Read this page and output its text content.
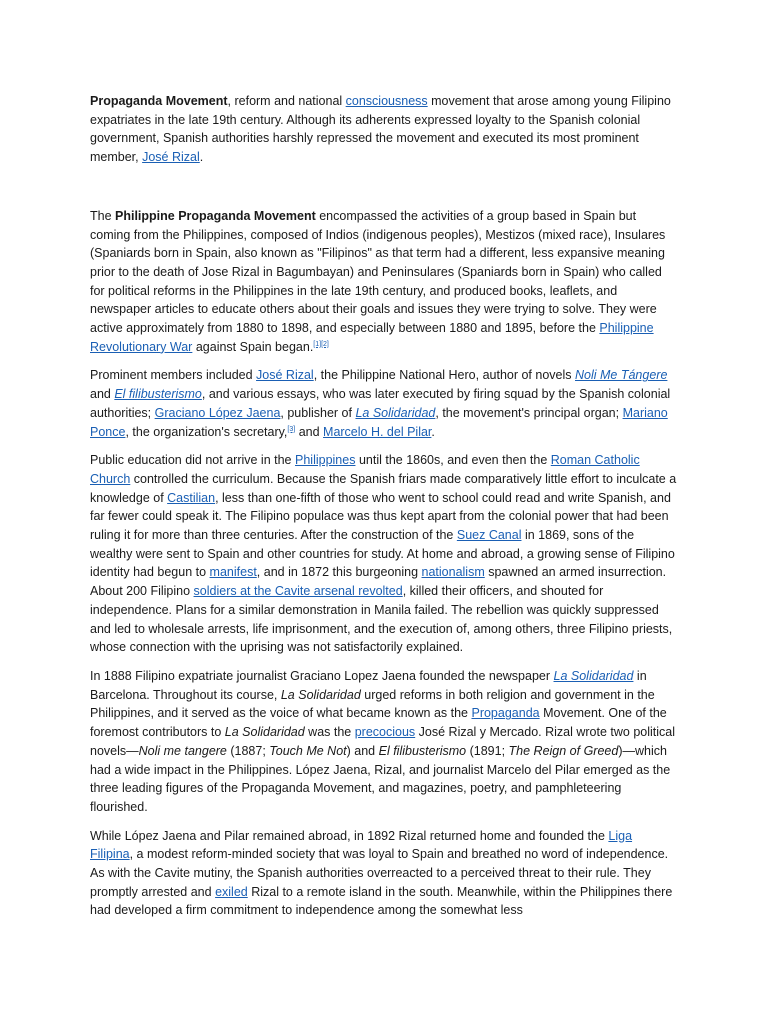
Propaganda Movement, reform and national consciousness movement that arose among young Filipino expatriates in the late 19th century. Although its adherents expressed loyalty to the Spanish colonial government, Spanish authorities harshly repressed the movement and executed its most prominent member, José Rizal.

The Philippine Propaganda Movement encompassed the activities of a group based in Spain but coming from the Philippines, composed of Indios (indigenous peoples), Mestizos (mixed race), Insulares (Spaniards born in Spain, also known as "Filipinos" as that term had a different, less expansive meaning prior to the death of Jose Rizal in Bagumbayan) and Peninsulares (Spaniards born in Spain) who called for political reforms in the Philippines in the late 19th century, and produced books, leaflets, and newspaper articles to educate others about their goals and issues they were trying to solve. They were active approximately from 1880 to 1898, and especially between 1880 and 1895, before the Philippine Revolutionary War against Spain began.[1][2]

Prominent members included José Rizal, the Philippine National Hero, author of novels Noli Me Tángere and El filibusterismo, and various essays, who was later executed by firing squad by the Spanish colonial authorities; Graciano López Jaena, publisher of La Solidaridad, the movement's principal organ; Mariano Ponce, the organization's secretary,[3] and Marcelo H. del Pilar.

Public education did not arrive in the Philippines until the 1860s, and even then the Roman Catholic Church controlled the curriculum. Because the Spanish friars made comparatively little effort to inculcate a knowledge of Castilian, less than one-fifth of those who went to school could read and write Spanish, and far fewer could speak it. The Filipino populace was thus kept apart from the colonial power that had been ruling it for more than three centuries. After the construction of the Suez Canal in 1869, sons of the wealthy were sent to Spain and other countries for study. At home and abroad, a growing sense of Filipino identity had begun to manifest, and in 1872 this burgeoning nationalism spawned an armed insurrection. About 200 Filipino soldiers at the Cavite arsenal revolted, killed their officers, and shouted for independence. Plans for a similar demonstration in Manila failed. The rebellion was quickly suppressed and led to wholesale arrests, life imprisonment, and the execution of, among others, three Filipino priests, whose connection with the uprising was not satisfactorily explained.

In 1888 Filipino expatriate journalist Graciano Lopez Jaena founded the newspaper La Solidaridad in Barcelona. Throughout its course, La Solidaridad urged reforms in both religion and government in the Philippines, and it served as the voice of what became known as the Propaganda Movement. One of the foremost contributors to La Solidaridad was the precocious José Rizal y Mercado. Rizal wrote two political novels—Noli me tangere (1887; Touch Me Not) and El filibusterismo (1891; The Reign of Greed)—which had a wide impact in the Philippines. López Jaena, Rizal, and journalist Marcelo del Pilar emerged as the three leading figures of the Propaganda Movement, and magazines, poetry, and pamphleteering flourished.

While López Jaena and Pilar remained abroad, in 1892 Rizal returned home and founded the Liga Filipina, a modest reform-minded society that was loyal to Spain and breathed no word of independence. As with the Cavite mutiny, the Spanish authorities overreacted to a perceived threat to their rule. They promptly arrested and exiled Rizal to a remote island in the south. Meanwhile, within the Philippines there had developed a firm commitment to independence among the somewhat less
